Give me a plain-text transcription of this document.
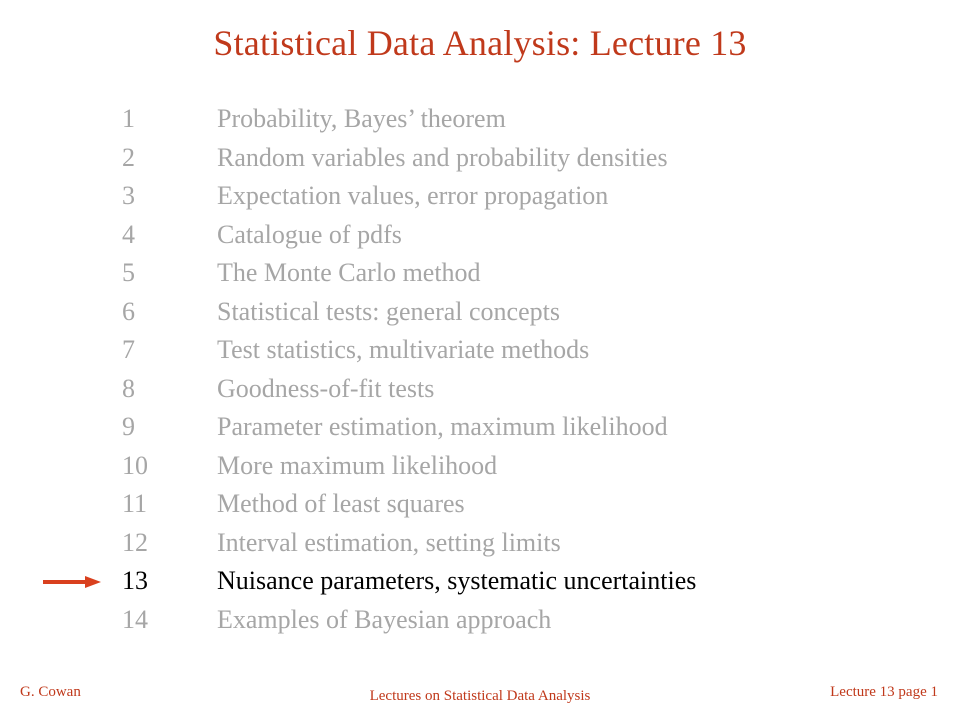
Statistical Data Analysis: Lecture 13
1	Probability, Bayes’ theorem
2	Random variables and probability densities
3	Expectation values, error propagation
4	Catalogue of pdfs
5	The Monte Carlo method
6	Statistical tests: general concepts
7	Test statistics, multivariate methods
8	Goodness-of-fit tests
9	Parameter estimation, maximum likelihood
10	More maximum likelihood
11	Method of least squares
12	Interval estimation, setting limits
13	Nuisance parameters, systematic uncertainties
14	Examples of Bayesian approach
G. Cowan	Lectures on Statistical Data Analysis	Lecture 13 page 1
